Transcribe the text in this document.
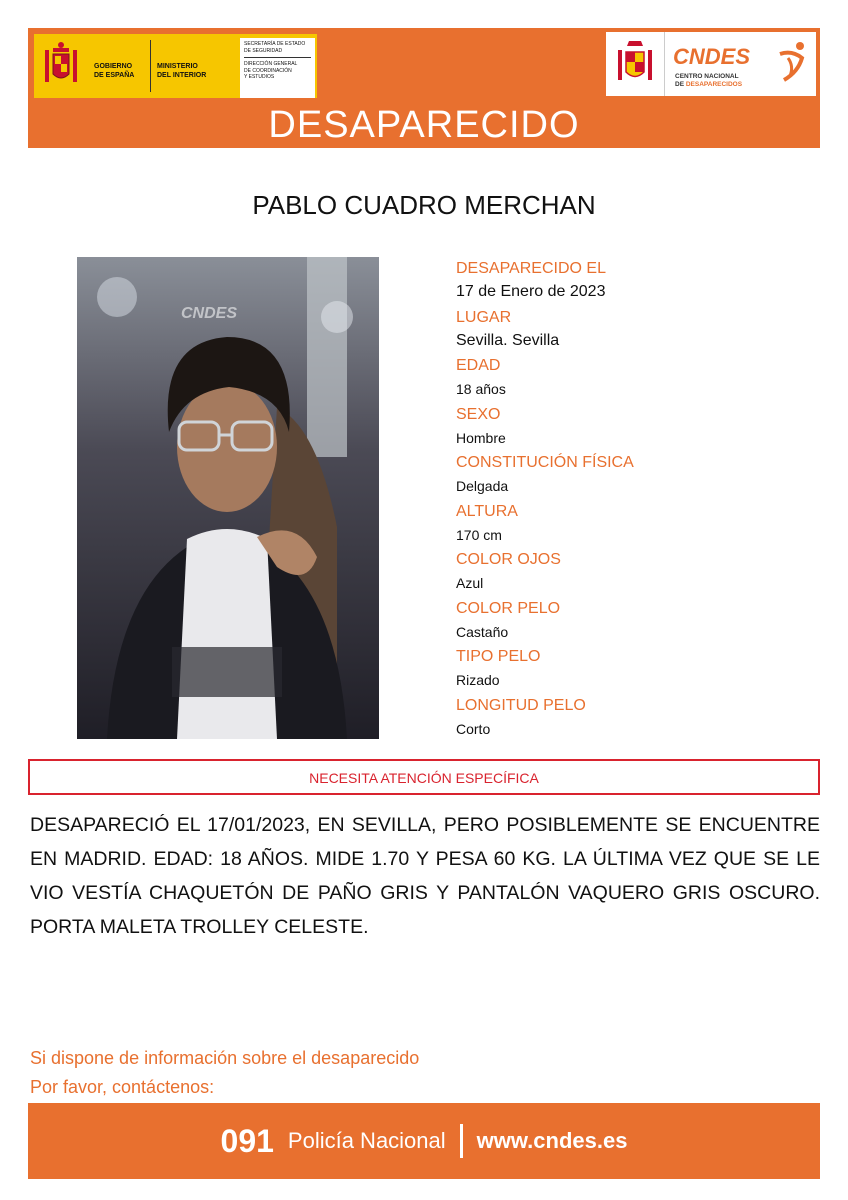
GOBIERNO
DE ESPAÑA
MINISTERIO
DEL INTERIOR
SECRETARÍA DE ESTADO
DE SEGURIDAD
DIRECCIÓN GENERAL
DE COORDINACIÓN
Y ESTUDIOS
CNDES
CENTRO NACIONAL
DE DESAPARECIDOS
DESAPARECIDO
PABLO CUADRO MERCHAN
CNDES
DESAPARECIDO EL
17 de Enero de 2023
LUGAR
Sevilla. Sevilla
EDAD
18 años
SEXO
Hombre
CONSTITUCIÓN FÍSICA
Delgada
ALTURA
170 cm
COLOR OJOS
Azul
COLOR PELO
Castaño
TIPO PELO
Rizado
LONGITUD PELO
Corto
NECESITA ATENCIÓN ESPECÍFICA
DESAPARECIÓ EL 17/01/2023, EN SEVILLA, PERO POSIBLEMENTE SE ENCUENTRE EN MADRID. EDAD: 18 AÑOS. MIDE 1.70 Y PESA 60 KG. LA ÚLTIMA VEZ QUE SE LE VIO VESTÍA CHAQUETÓN DE PAÑO GRIS Y PANTALÓN VAQUERO GRIS OSCURO. PORTA MALETA TROLLEY CELESTE.
Si dispone de información sobre el desaparecido
Por favor, contáctenos:
091 Policía Nacional www.cndes.es
